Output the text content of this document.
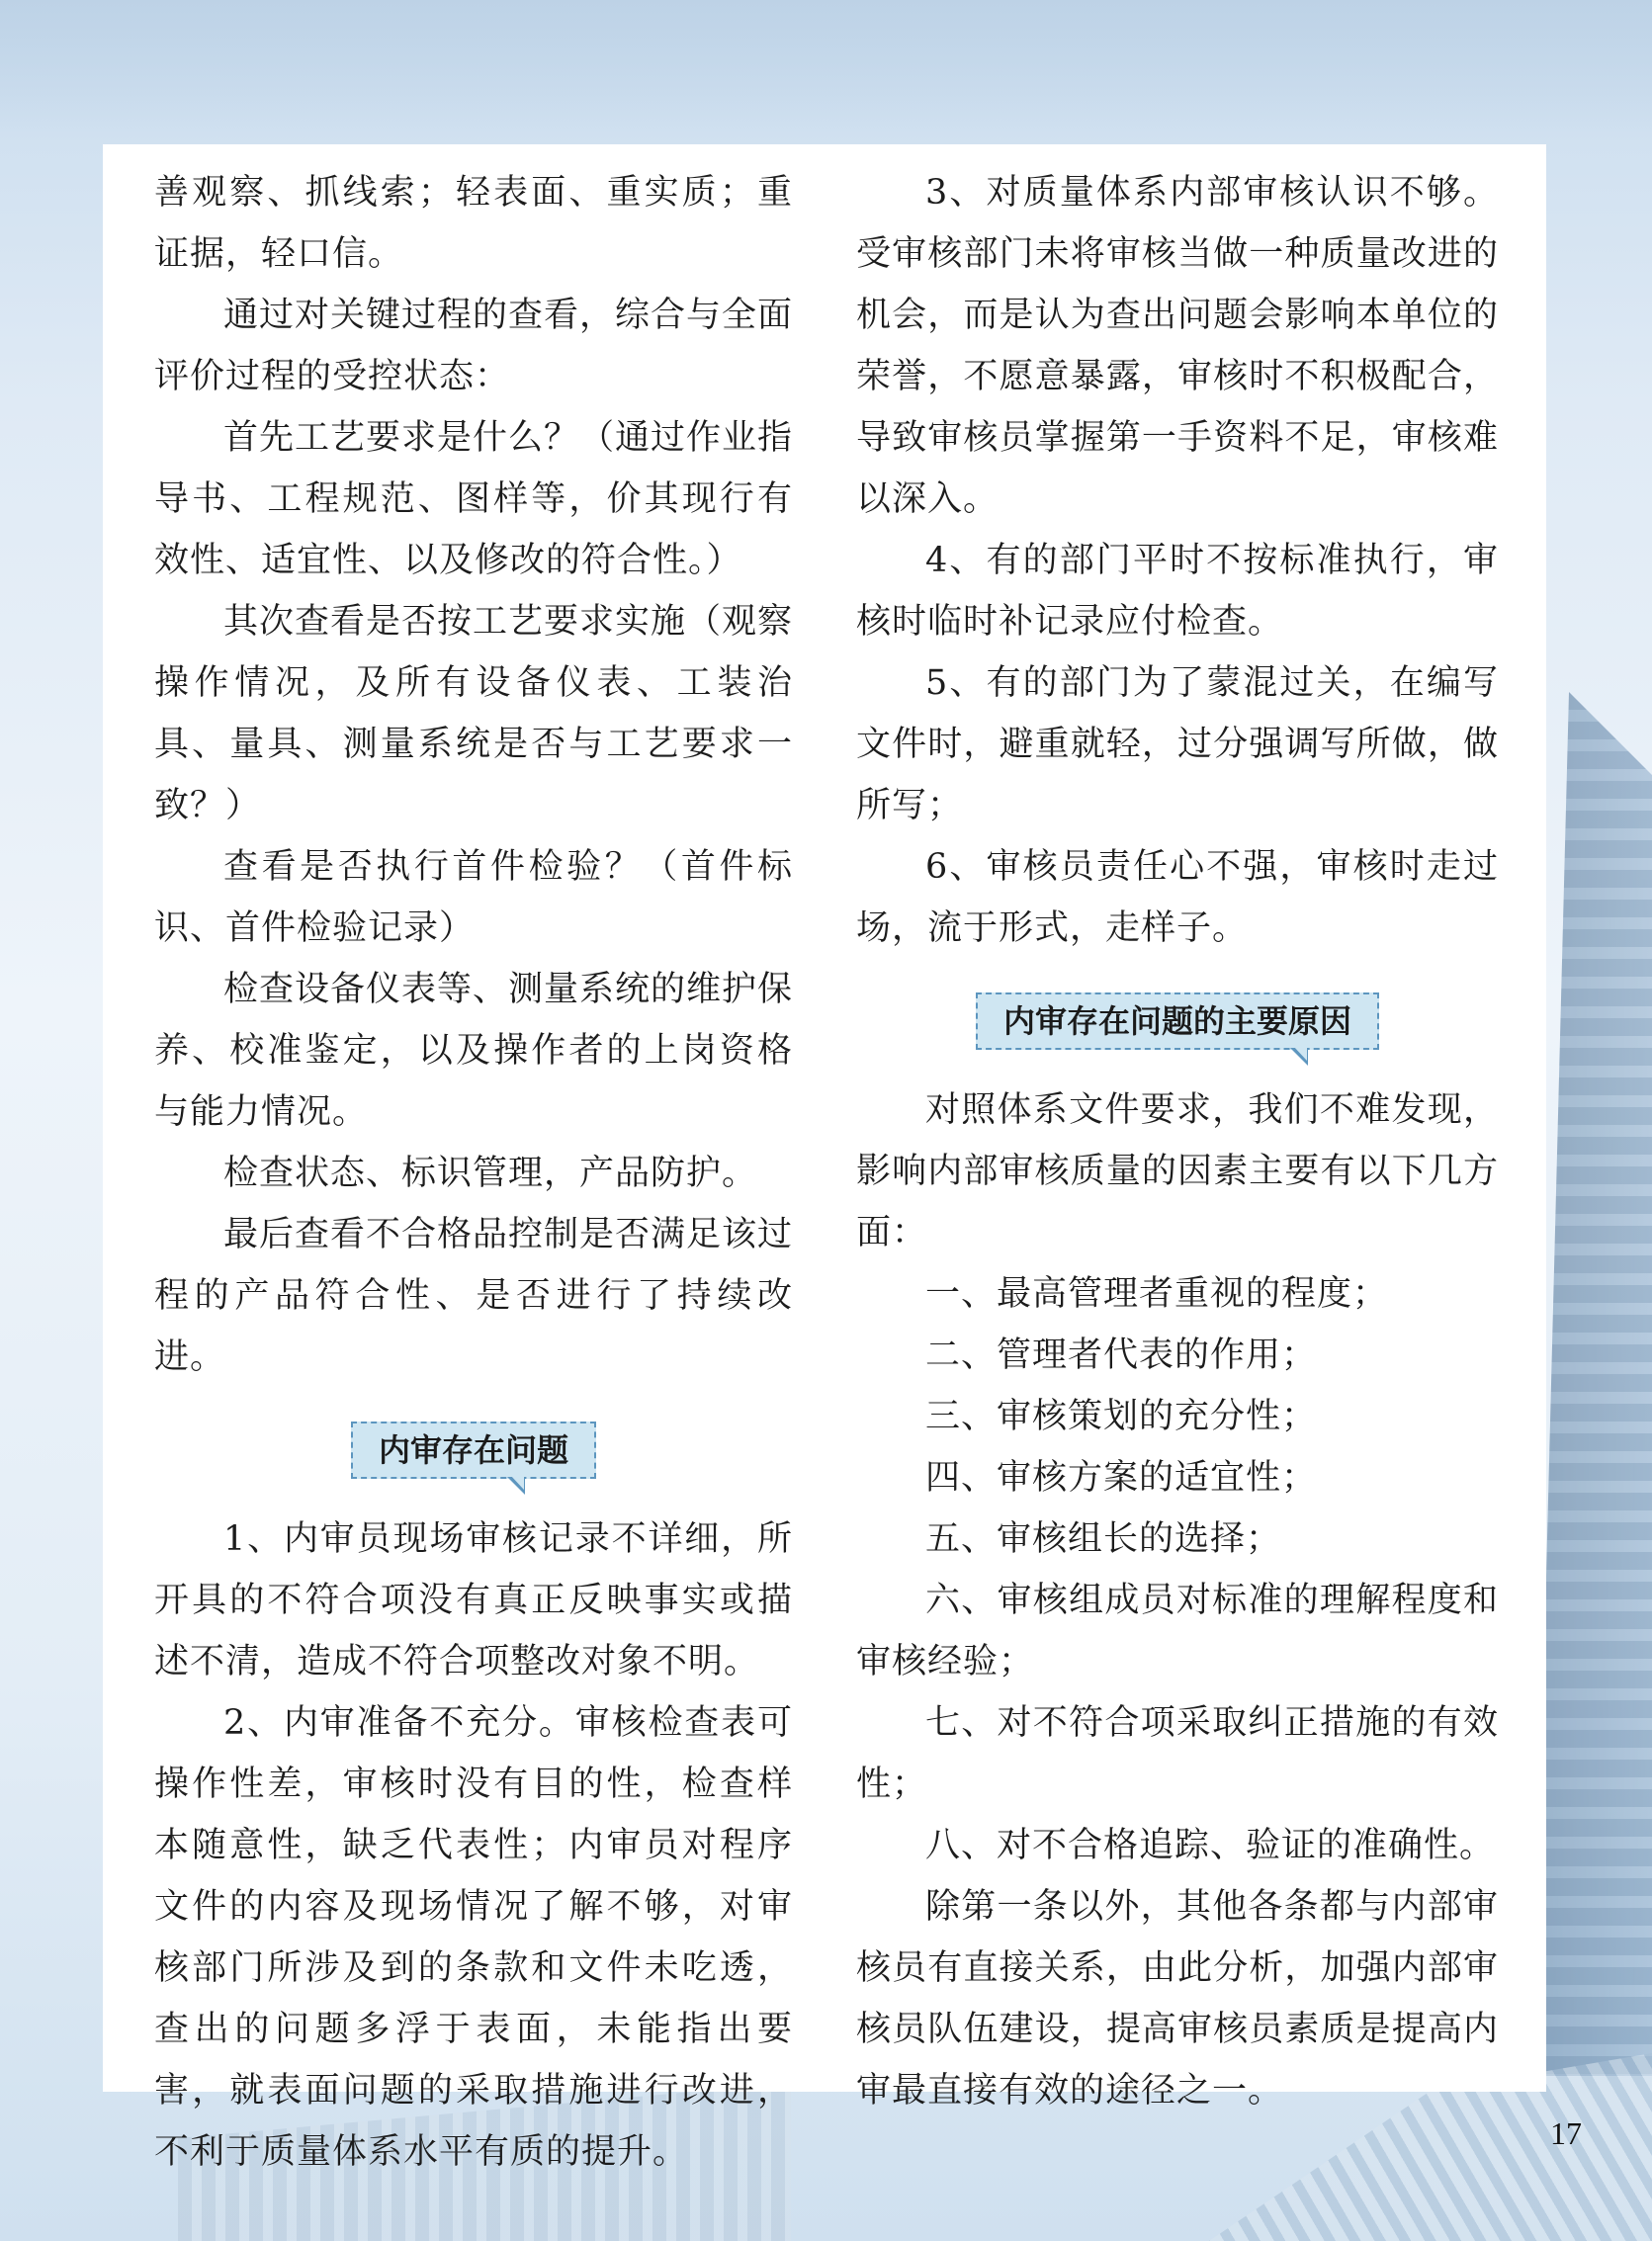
善观察、抓线索；轻表面、重实质；重证据，轻口信。

通过对关键过程的查看，综合与全面评价过程的受控状态：

首先工艺要求是什么？（通过作业指导书、工程规范、图样等，价其现行有效性、适宜性、以及修改的符合性。）

其次查看是否按工艺要求实施（观察操作情况，及所有设备仪表、工装治具、量具、测量系统是否与工艺要求一致？）

查看是否执行首件检验？（首件标识、首件检验记录）

检查设备仪表等、测量系统的维护保养、校准鉴定，以及操作者的上岗资格与能力情况。

检查状态、标识管理，产品防护。

最后查看不合格品控制是否满足该过程的产品符合性、是否进行了持续改进。

内审存在问题

1、内审员现场审核记录不详细，所开具的不符合项没有真正反映事实或描述不清，造成不符合项整改对象不明。

2、内审准备不充分。审核检查表可操作性差，审核时没有目的性，检查样本随意性，缺乏代表性；内审员对程序文件的内容及现场情况了解不够，对审核部门所涉及到的条款和文件未吃透，查出的问题多浮于表面，未能指出要害，就表面问题的采取措施进行改进，不利于质量体系水平有质的提升。

3、对质量体系内部审核认识不够。受审核部门未将审核当做一种质量改进的机会，而是认为查出问题会影响本单位的荣誉，不愿意暴露，审核时不积极配合，导致审核员掌握第一手资料不足，审核难以深入。

4、有的部门平时不按标准执行，审核时临时补记录应付检查。

5、有的部门为了蒙混过关，在编写文件时，避重就轻，过分强调写所做，做所写；

6、审核员责任心不强，审核时走过场，流于形式，走样子。

内审存在问题的主要原因

对照体系文件要求，我们不难发现，影响内部审核质量的因素主要有以下几方面：

一、最高管理者重视的程度；

二、管理者代表的作用；

三、审核策划的充分性；

四、审核方案的适宜性；

五、审核组长的选择；

六、审核组成员对标准的理解程度和审核经验；

七、对不符合项采取纠正措施的有效性；

八、对不合格追踪、验证的准确性。

除第一条以外，其他各条都与内部审核员有直接关系，由此分析，加强内部审核员队伍建设，提高审核员素质是提高内审最直接有效的途径之一。

17
